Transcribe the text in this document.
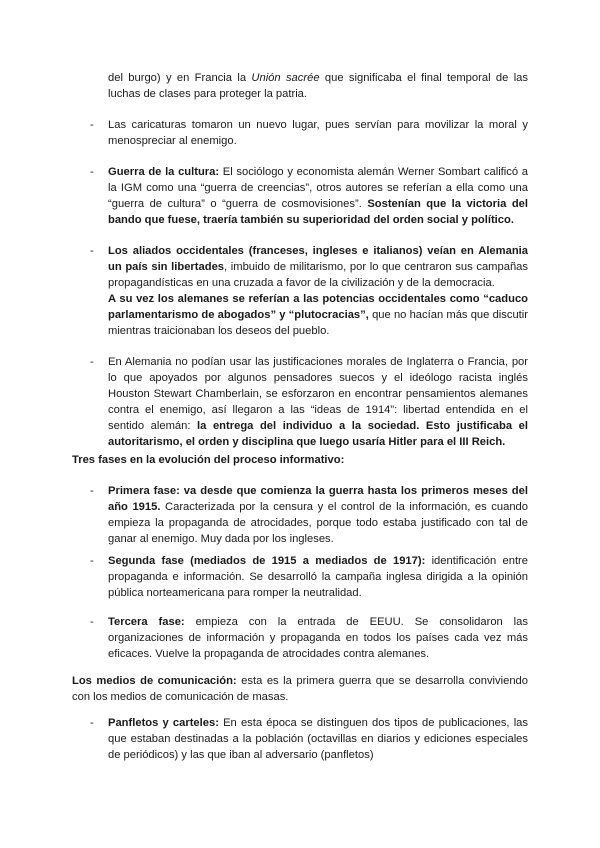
del burgo) y en Francia la Unión sacrée que significaba el final temporal de las luchas de clases para proteger la patria.
-	Las caricaturas tomaron un nuevo lugar, pues servían para movilizar la moral y menospreciar al enemigo.
-	Guerra de la cultura: El sociólogo y economista alemán Werner Sombart calificó a la IGM como una “guerra de creencias”, otros autores se referían a ella como una “guerra de cultura” o “guerra de cosmovisiones”. Sostenían que la victoria del bando que fuese, traería también su superioridad del orden social y político.
-	Los aliados occidentales (franceses, ingleses e italianos) veían en Alemania un país sin libertades, imbuido de militarismo, por lo que centraron sus campañas propagandísticas en una cruzada a favor de la civilización y de la democracia.
A su vez los alemanes se referían a las potencias occidentales como “caduco parlamentarismo de abogados” y “plutocracias”, que no hacían más que discutir mientras traicionaban los deseos del pueblo.
-	En Alemania no podían usar las justificaciones morales de Inglaterra o Francia, por lo que apoyados por algunos pensadores suecos y el ideólogo racista inglés Houston Stewart Chamberlain, se esforzaron en encontrar pensamientos alemanes contra el enemigo, así llegaron a las “ideas de 1914”: libertad entendida en el sentido alemán: la entrega del individuo a la sociedad. Esto justificaba el autoritarismo, el orden y disciplina que luego usaría Hitler para el III Reich.
Tres fases en la evolución del proceso informativo:
-	Primera fase: va desde que comienza la guerra hasta los primeros meses del año 1915. Caracterizada por la censura y el control de la información, es cuando empieza la propaganda de atrocidades, porque todo estaba justificado con tal de ganar al enemigo. Muy dada por los ingleses.
-	Segunda fase (mediados de 1915 a mediados de 1917): identificación entre propaganda e información. Se desarrolló la campaña inglesa dirigida a la opinión pública norteamericana para romper la neutralidad.
-	Tercera fase: empieza con la entrada de EEUU. Se consolidaron las organizaciones de información y propaganda en todos los países cada vez más eficaces. Vuelve la propaganda de atrocidades contra alemanes.
Los medios de comunicación: esta es la primera guerra que se desarrolla conviviendo con los medios de comunicación de masas.
-	Panfletos y carteles: En esta época se distinguen dos tipos de publicaciones, las que estaban destinadas a la población (octavillas en diarios y ediciones especiales de periódicos) y las que iban al adversario (panfletos)
